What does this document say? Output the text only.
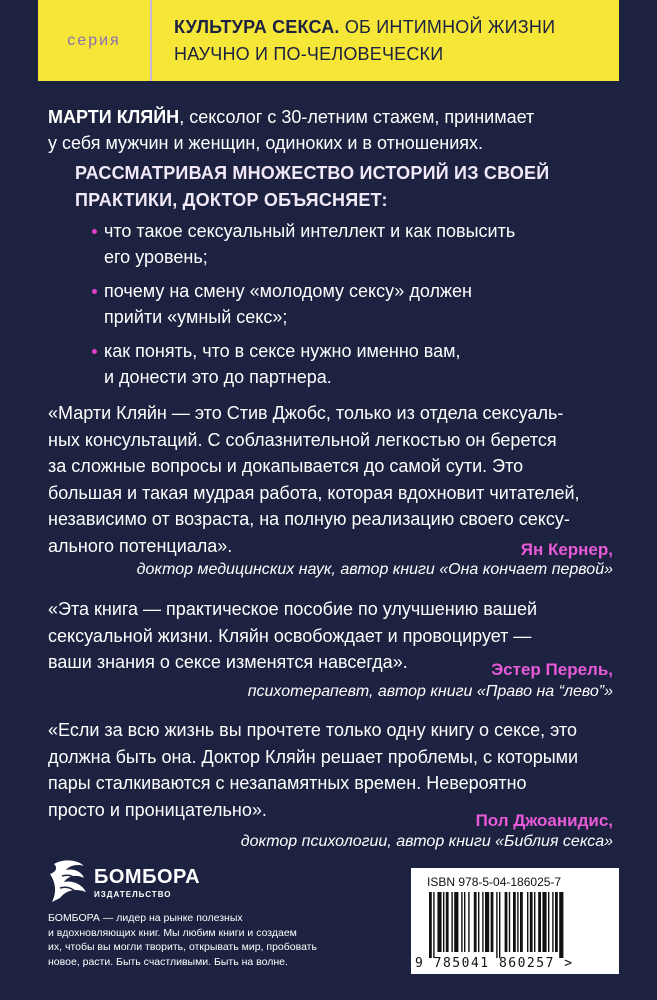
серия
КУЛЬТУРА СЕКСА. ОБ ИНТИМНОЙ ЖИЗНИ
НАУЧНО И ПО-ЧЕЛОВЕЧЕСКИ
МАРТИ КЛЯЙН, сексолог с 30-летним стажем, принимает
у себя мужчин и женщин, одиноких и в отношениях.
РАССМАТРИВАЯ МНОЖЕСТВО ИСТОРИЙ ИЗ СВОЕЙ
ПРАКТИКИ, ДОКТОР ОБЪЯСНЯЕТ:
что такое сексуальный интеллект и как повысить
его уровень;
почему на смену «молодому сексу» должен
прийти «умный секс»;
как понять, что в сексе нужно именно вам,
и донести это до партнера.
«Марти Кляйн — это Стив Джобс, только из отдела сексуаль-
ных консультаций. С соблазнительной легкостью он берется
за сложные вопросы и докапывается до самой сути. Это
большая и такая мудрая работа, которая вдохновит читателей,
независимо от возраста, на полную реализацию своего сексу-
ального потенциала».	Ян Кернер,
доктор медицинских наук, автор книги «Она кончает первой»
«Эта книга — практическое пособие по улучшению вашей
сексуальной жизни. Кляйн освобождает и провоцирует —
ваши знания о сексе изменятся навсегда».	Эстер Перель,
психотерапевт, автор книги «Право на “лево”»
«Если за всю жизнь вы прочтете только одну книгу о сексе, это
должна быть она. Доктор Кляйн решает проблемы, с которыми
пары сталкиваются с незапамятных времен. Невероятно
просто и проницательно».
Пол Джоанидис,
доктор психологии, автор книги «Библия секса»
БОМБОРА
ИЗДАТЕЛЬСТВО
БОМБОРА — лидер на рынке полезных
и вдохновляющих книг. Мы любим книги и создаем
их, чтобы вы могли творить, открывать мир, пробовать
новое, расти. Быть счастливыми. Быть на волне.
ISBN 978-5-04-186025-7
9 785041 860257 >
